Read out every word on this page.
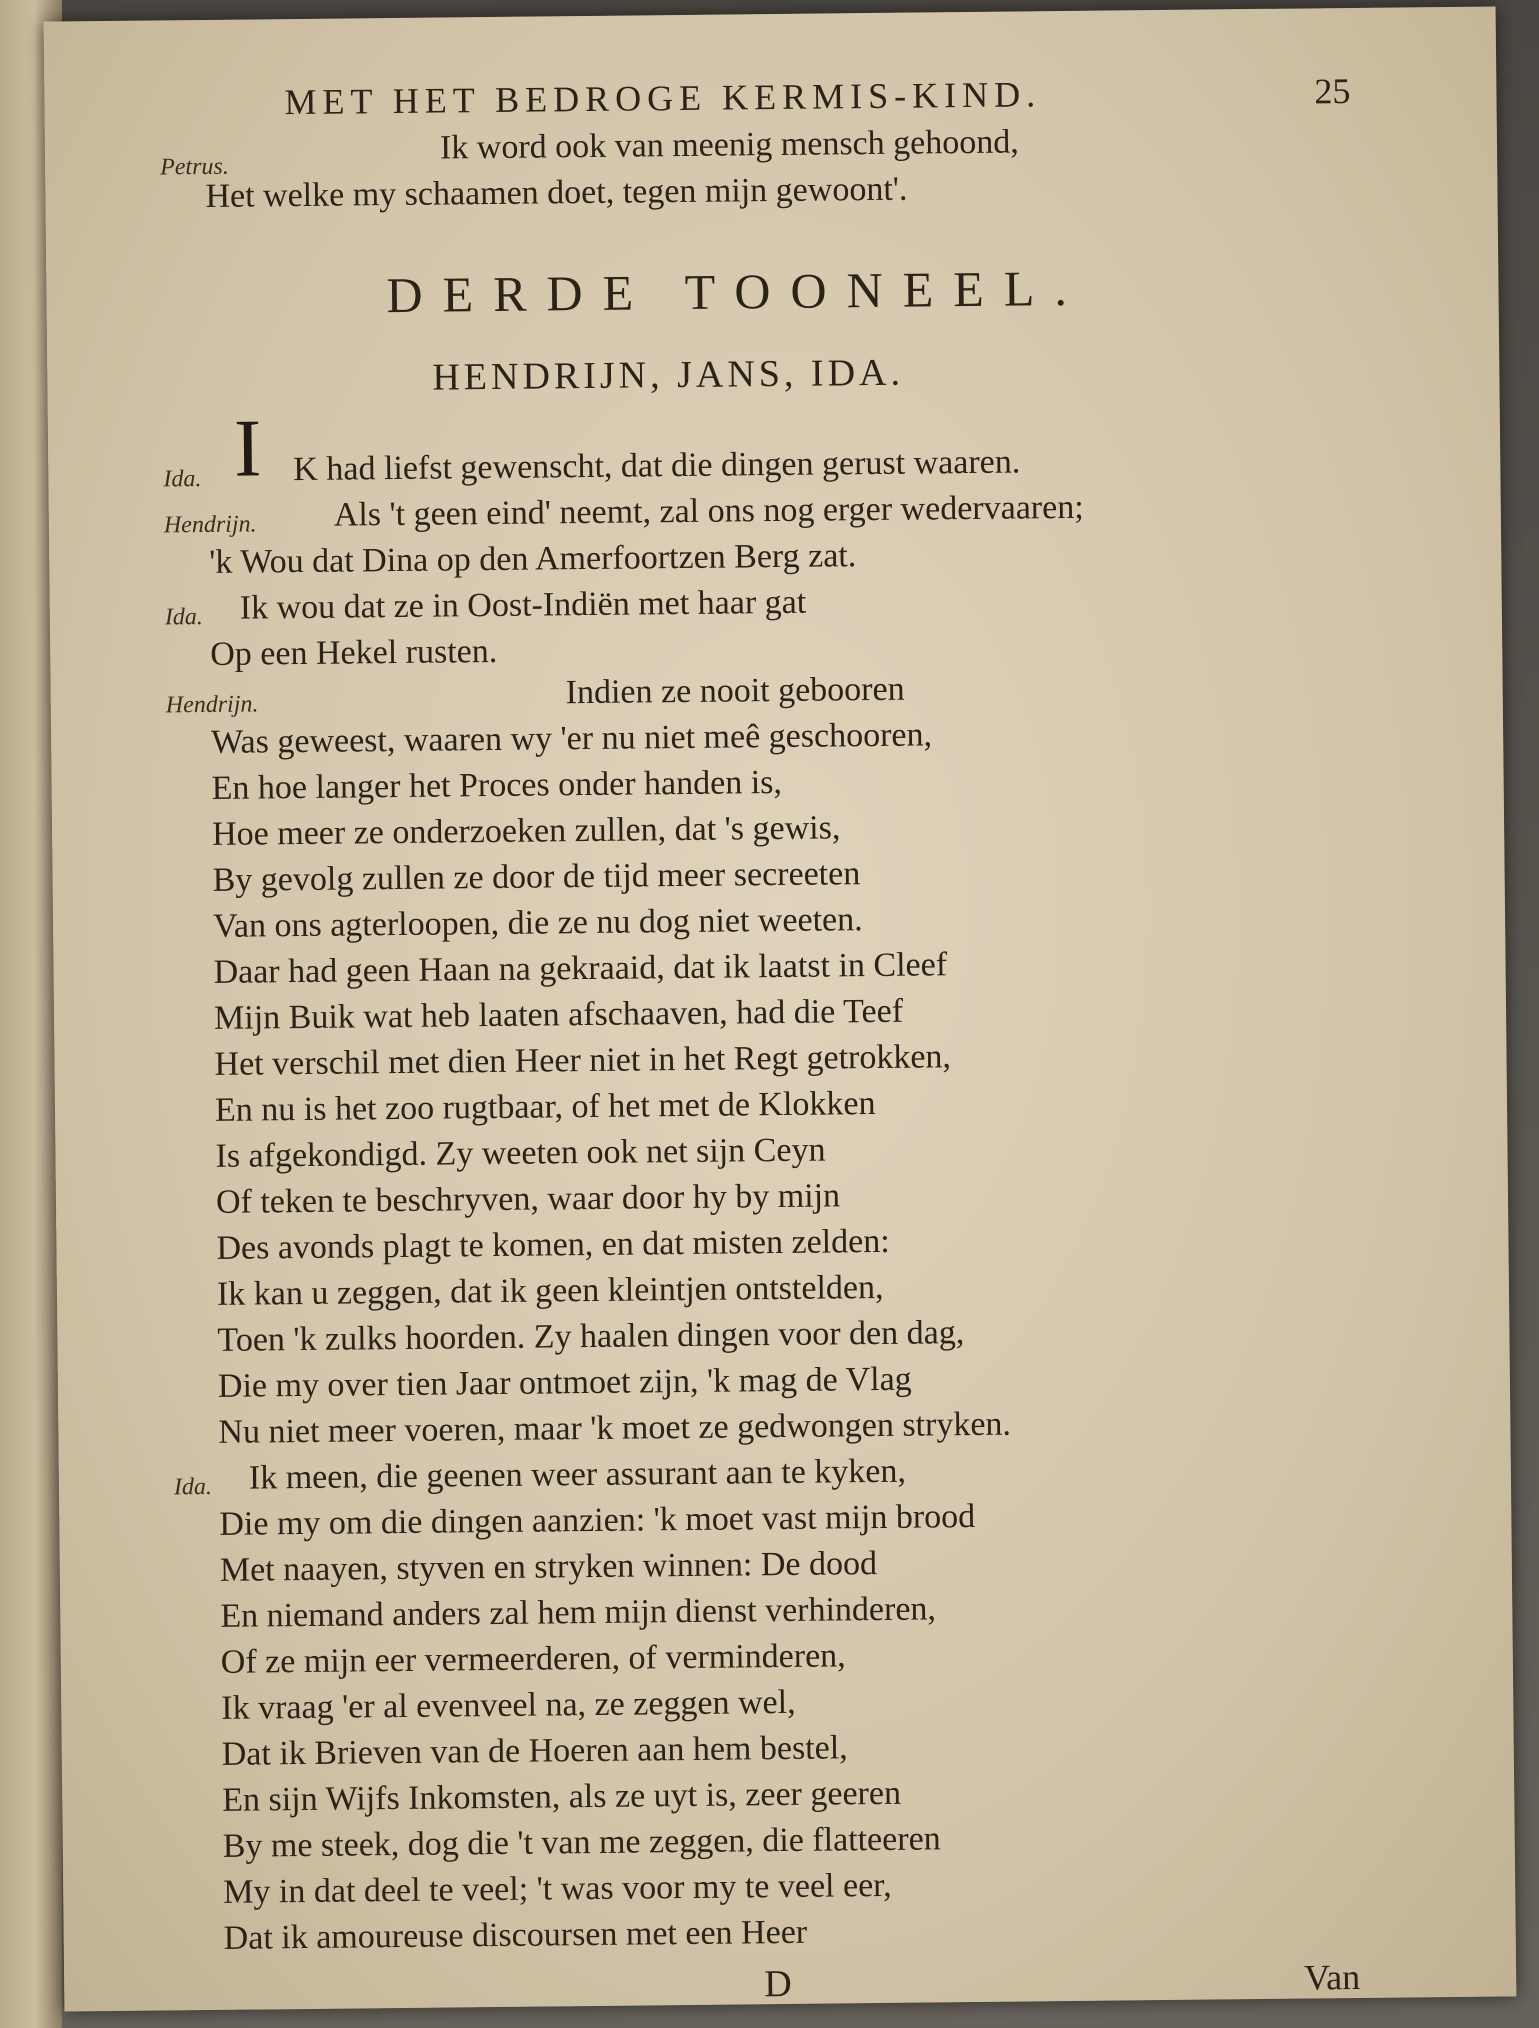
MET HET BEDROGE KERMIS-KIND.	25
Petrus.
Ik word ook van meenig mensch gehoond,
Het welke my schaamen doet, tegen mijn gewoont'.
DERDE TOONEEL.
HENDRIJN, JANS, IDA.
I
Ida.	K had liefst gewenscht, dat die dingen gerust waaren.
Hendrijn. Als 't geen eind' neemt, zal ons nog erger wedervaaren;
'k Wou dat Dina op den Amerfoortzen Berg zat.
Ida. Ik wou dat ze in Oost-Indiën met haar gat
Op een Hekel rusten.
Hendrijn.	Indien ze nooit gebooren
Was geweest, waaren wy 'er nu niet meê geschooren,
En hoe langer het Proces onder handen is,
Hoe meer ze onderzoeken zullen, dat 's gewis,
By gevolg zullen ze door de tijd meer secreeten
Van ons agterloopen, die ze nu dog niet weeten.
Daar had geen Haan na gekraaid, dat ik laatst in Cleef
Mijn Buik wat heb laaten afschaaven, had die Teef
Het verschil met dien Heer niet in het Regt getrokken,
En nu is het zoo rugtbaar, of het met de Klokken
Is afgekondigd. Zy weeten ook net sijn Ceyn
Of teken te beschryven, waar door hy by mijn
Des avonds plagt te komen, en dat misten zelden:
Ik kan u zeggen, dat ik geen kleintjen ontstelden,
Toen 'k zulks hoorden. Zy haalen dingen voor den dag,
Die my over tien Jaar ontmoet zijn, 'k mag de Vlag
Nu niet meer voeren, maar 'k moet ze gedwongen stryken.
Ida. Ik meen, die geenen weer assurant aan te kyken,
Die my om die dingen aanzien: 'k moet vast mijn brood
Met naayen, styven en stryken winnen: De dood
En niemand anders zal hem mijn dienst verhinderen,
Of ze mijn eer vermeerderen, of verminderen,
Ik vraag 'er al evenveel na, ze zeggen wel,
Dat ik Brieven van de Hoeren aan hem bestel,
En sijn Wijfs Inkomsten, als ze uyt is, zeer geeren
By me steek, dog die 't van me zeggen, die flatteeren
My in dat deel te veel; 't was voor my te veel eer,
Dat ik amoureuse discoursen met een Heer
D	Van
